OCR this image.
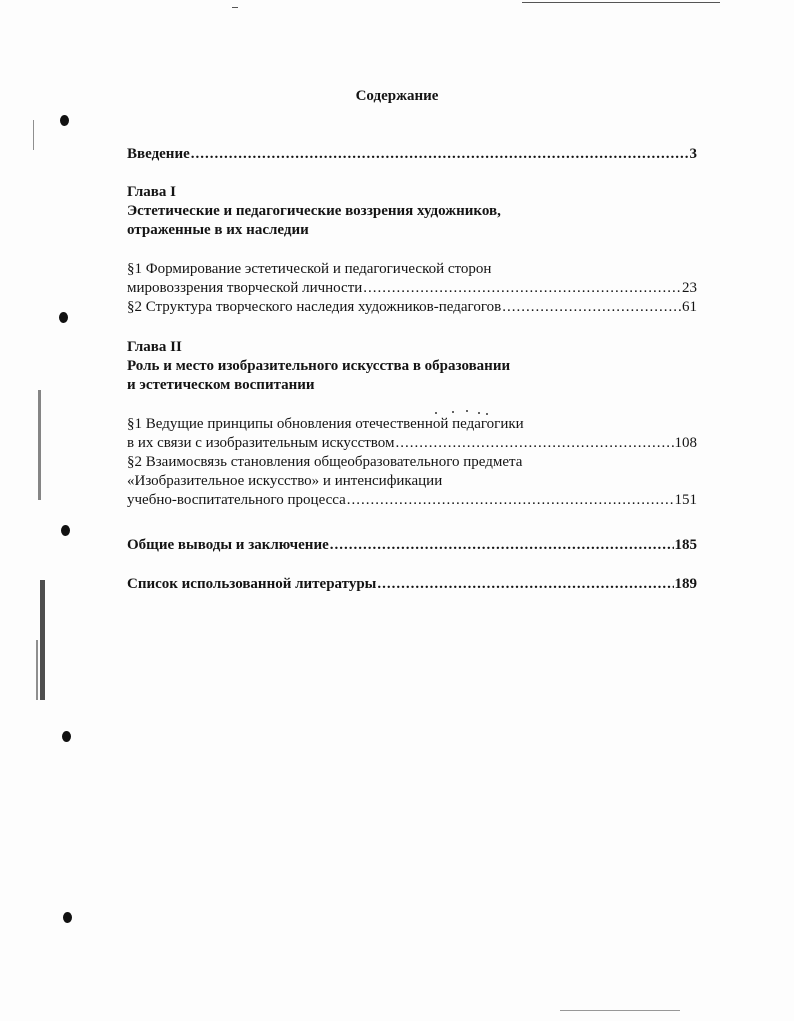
Содержание
Введение .....	3
Глава I
Эстетические и педагогические воззрения художников,
отраженные в их наследии
§1 Формирование эстетической и педагогической сторон
мировоззрения творческой личности .....	23
§2 Структура творческого наследия художников-педагогов .....	61
Глава II
Роль и место изобразительного искусства в образовании
и эстетическом воспитании
§1 Ведущие принципы обновления отечественной педагогики
в их связи с изобразительным искусством .....	108
§2 Взаимосвязь становления общеобразовательного предмета
«Изобразительное искусство» и интенсификации
учебно-воспитательного процесса .....	151
Общие выводы и заключение .....	185
Список использованной литературы .....	189
